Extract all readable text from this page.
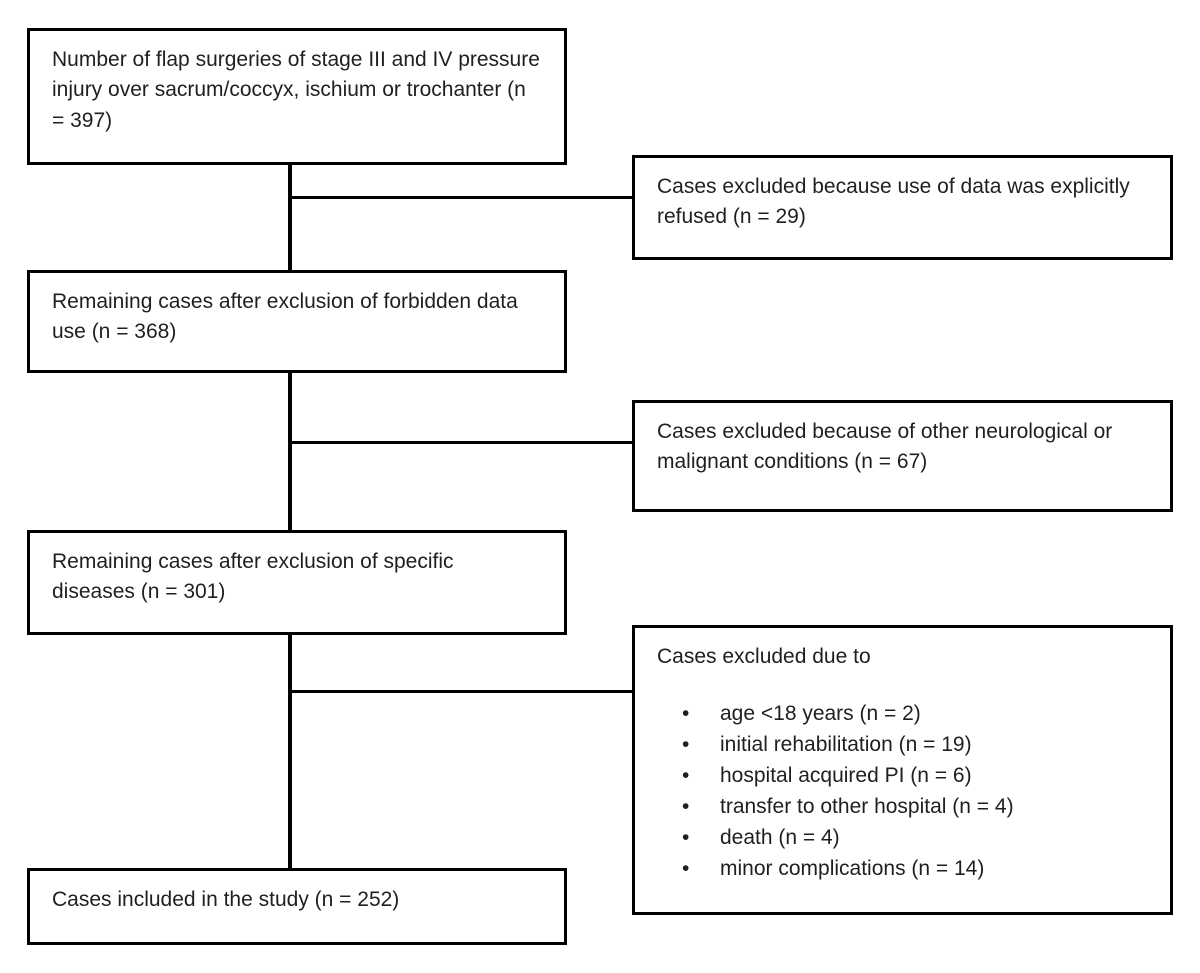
Number of flap surgeries of stage III and IV pressure injury over sacrum/coccyx, ischium or trochanter (n = 397)
Remaining cases after exclusion of forbidden data use (n = 368)
Remaining cases after exclusion of specific diseases (n = 301)
Cases included in the study (n = 252)
Cases excluded because use of data was explicitly refused (n = 29)
Cases excluded because of other neurological or malignant conditions (n = 67)
Cases excluded due to
• age <18 years (n = 2)
• initial rehabilitation (n = 19)
• hospital acquired PI (n = 6)
• transfer to other hospital (n = 4)
• death (n = 4)
• minor complications (n = 14)
